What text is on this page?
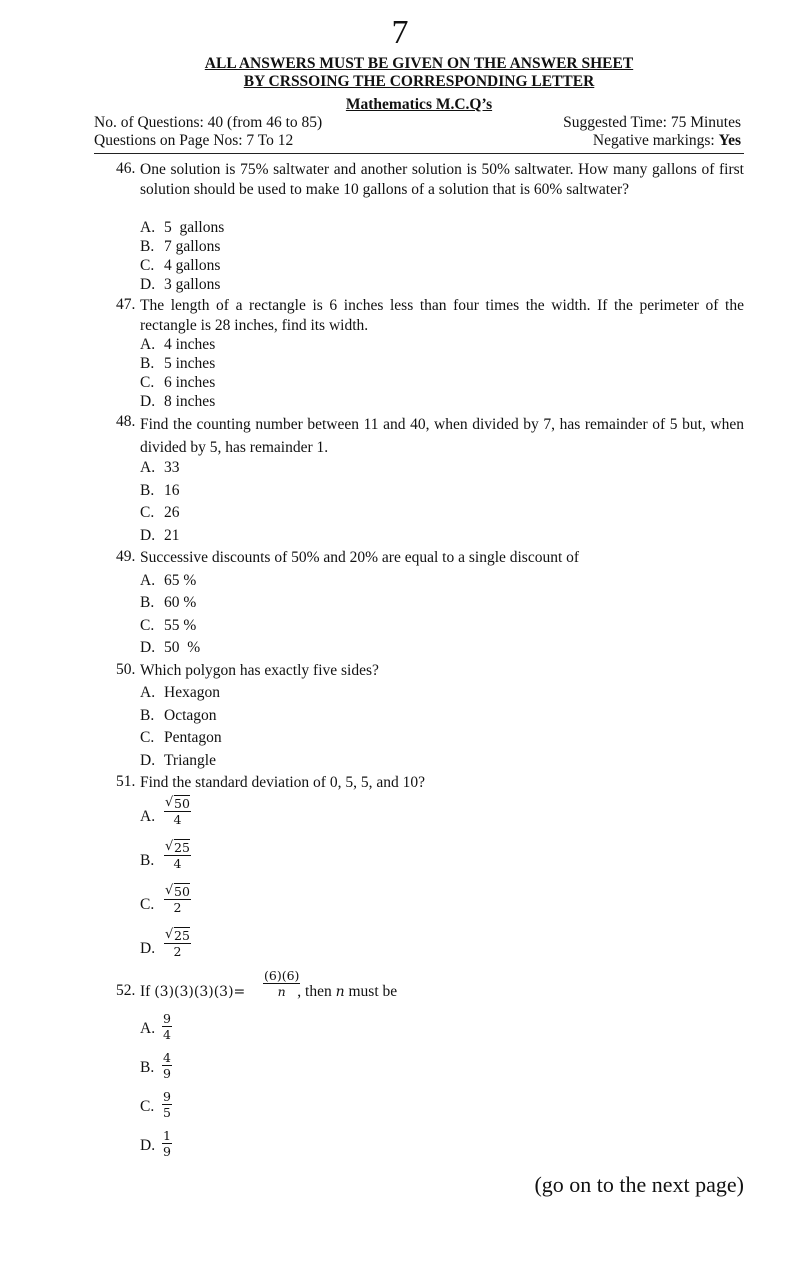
7
ALL ANSWERS MUST BE GIVEN ON THE ANSWER SHEET
BY CRSSOING THE CORRESPONDING LETTER
Mathematics M.C.Q’s
No. of Questions: 40 (from 46 to 85)
Questions on Page Nos: 7 To 12
Suggested Time: 75 Minutes
Negative markings: Yes
46. One solution is 75% saltwater and another solution is 50% saltwater. How many gallons of first solution should be used to make 10 gallons of a solution that is 60% saltwater?
A. 5  gallons
B. 7 gallons
C. 4 gallons
D. 3 gallons
47. The length of a rectangle is 6 inches less than four times the width. If the perimeter of the rectangle is 28 inches, find its width.
A. 4 inches
B. 5 inches
C. 6 inches
D. 8 inches
48. Find the counting number between 11 and 40, when divided by 7, has remainder of 5 but, when divided by 5, has remainder 1.
A. 33
B. 16
C. 26
D. 21
49. Successive discounts of 50% and 20% are equal to a single discount of
A. 65 %
B. 60 %
C. 55 %
D. 50  %
50. Which polygon has exactly five sides?
A. Hexagon
B. Octagon
C. Pentagon
D. Triangle
51. Find the standard deviation of 0, 5, 5, and 10?
A. √ $\frac{50}{4}$
B. √ $\frac{25}{4}$
C. √ $\frac{50}{2}$
D. √ $\frac{25}{2}$
52. If (3)(3)(3)(3)=	, then n must be
$\frac{(6)(6)}{n}$
A. $\frac{9}{4}$
B. $\frac{4}{9}$
C. $\frac{9}{5}$
D. $\frac{1}{9}$
(go on to the next page)
